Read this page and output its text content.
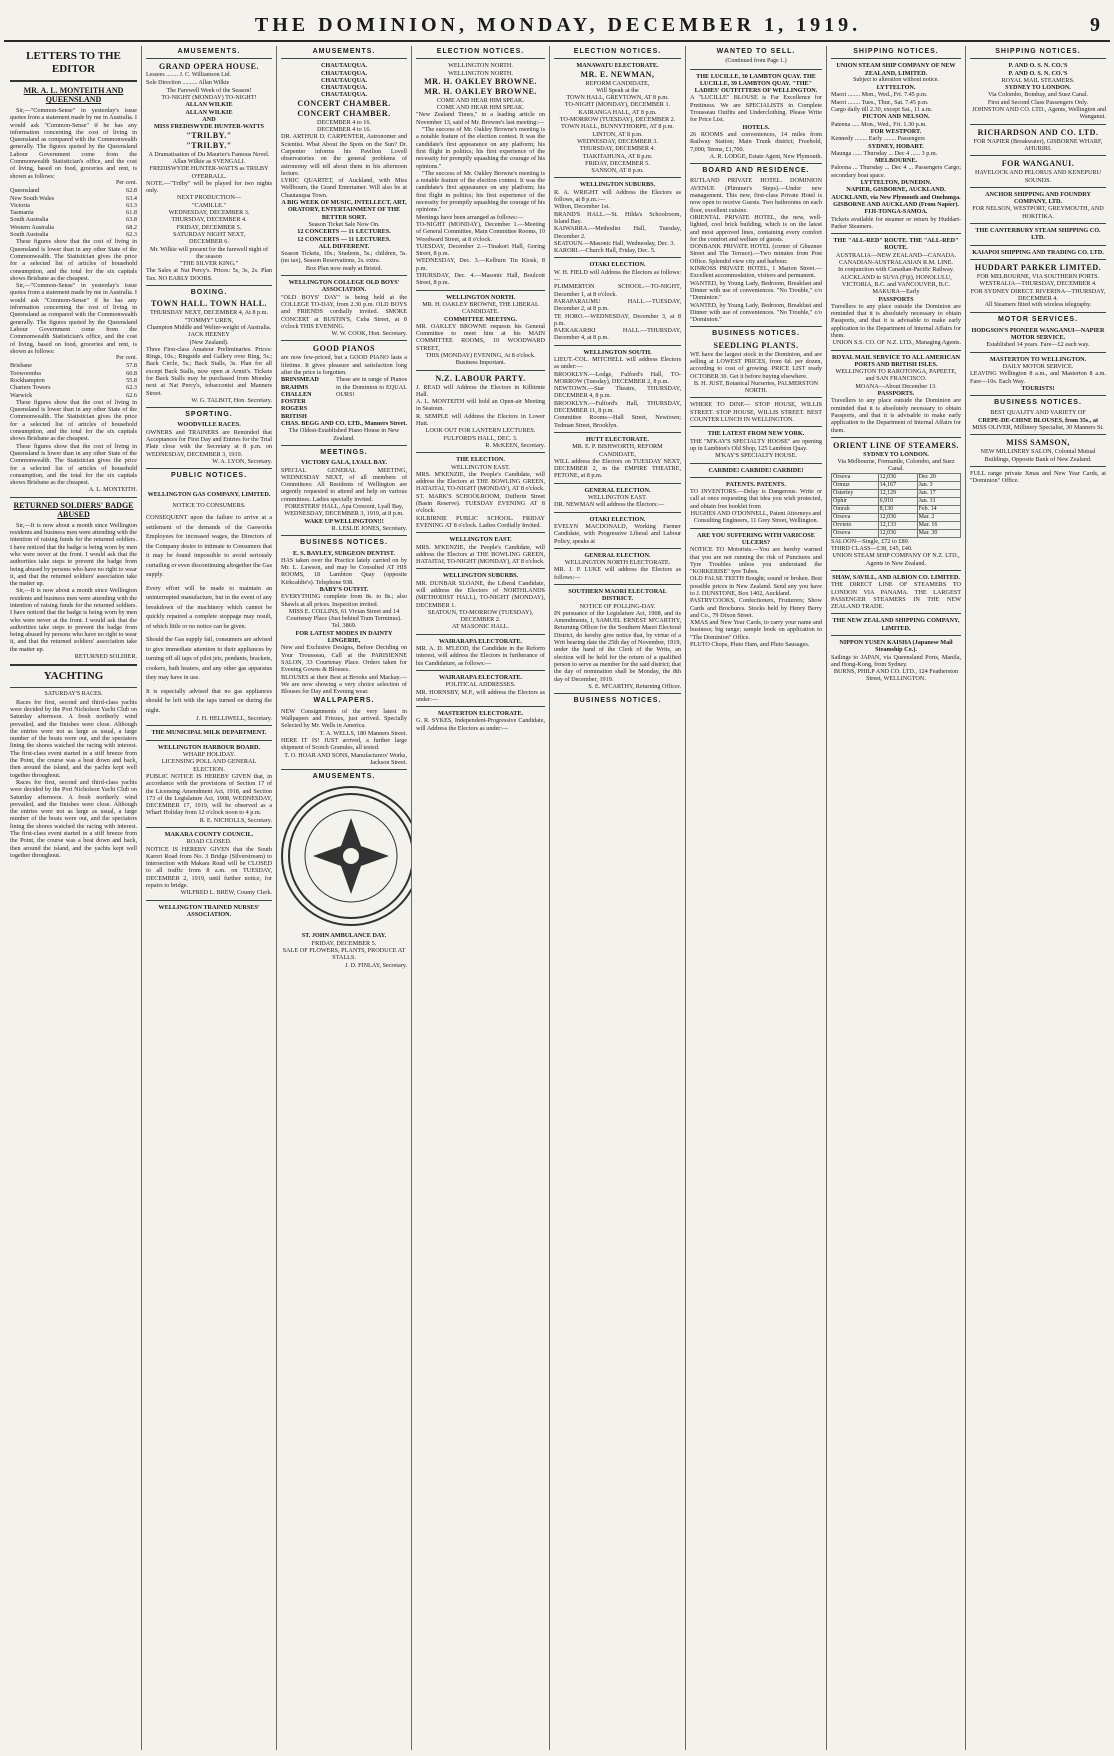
THE DOMINION, MONDAY, DECEMBER 1, 1919.	9
LETTERS TO THE EDITOR
MR. A. L. MONTEITH AND QUEENSLAND

Sir,—"Common-Sense" in yesterday's issue quotes from a statement made by me in Australia. I would ask "Common-Sense" if he has any information concerning the cost of living in Queensland as compared with the Commonwealth generally. The figures quoted by the Queensland Labour Government come from the Commonwealth Statistician's office, and the cost of living, based on food, groceries and rent, is shown as follows:

Per cent.
Queensland	62.8
New South Wales	63.4
Victoria	63.3
Tasmania	61.8
South Australia	63.8
Western Australia	68.2
South Australia	62.3

These figures show that the cost of living in Queensland is lower than in any other State of the Commonwealth. The Statistician gives the price for a selected list of articles of household consumption, and the total for the six capitals shows Brisbane as the cheapest.

Sir,—"Common-Sense" in yesterday's issue quotes from a statement made by me in Australia. I would ask "Common-Sense" if he has any information concerning the cost of living in Queensland as compared with the Commonwealth generally. The figures quoted by the Queensland Labour Government come from the Commonwealth Statistician's office, and the cost of living, based on food, groceries and rent, is shown as follows:

Per cent.
Brisbane	57.8
Toowoomba	60.8
Rockhampton	55.8
Charters Towers	62.3
Warwick	62.6

These figures show that the cost of living in Queensland is lower than in any other State of the Commonwealth. The Statistician gives the price for a selected list of articles of household consumption, and the total for the six capitals shows Brisbane as the cheapest.

These figures show that the cost of living in Queensland is lower than in any other State of the Commonwealth. The Statistician gives the price for a selected list of articles of household consumption, and the total for the six capitals shows Brisbane as the cheapest.

A. L. MONTEITH.
RETURNED SOLDIERS' BADGE ABUSED

Sir,—It is now about a month since Wellington residents and business men were attending with the intention of raising funds for the returned soldiers. I have noticed that the badge is being worn by men who were never at the front. I would ask that the authorities take steps to prevent the badge from being abused by persons who have no right to wear it, and that the returned soldiers' association take the matter up.

Sir,—It is now about a month since Wellington residents and business men were attending with the intention of raising funds for the returned soldiers. I have noticed that the badge is being worn by men who were never at the front. I would ask that the authorities take steps to prevent the badge from being abused by persons who have no right to wear it, and that the returned soldiers' association take the matter up.

RETURNED SOLDIER.
YACHTING
SATURDAY'S RACES.

Races for first, second and third-class yachts were decided by the Port Nicholson Yacht Club on Saturday afternoon. A fresh northerly wind prevailed, and the finishes were close. Although the entries were not as large as usual, a large number of the boats were out, and the spectators lining the shores watched the racing with interest. The first-class event started in a stiff breeze from the Point, the course was a beat down and back, then around the island, and the yachts kept well together throughout.

Races for first, second and third-class yachts were decided by the Port Nicholson Yacht Club on Saturday afternoon. A fresh northerly wind prevailed, and the finishes were close. Although the entries were not as large as usual, a large number of the boats were out, and the spectators lining the shores watched the racing with interest. The first-class event started in a stiff breeze from the Point, the course was a beat down and back, then around the island, and the yachts kept well together throughout.

AMUSEMENTS.
GRAND OPERA HOUSE.
Lessees ........ J. C. Williamson Ltd.
Sole Direction .......... Allan Wilkie
The Farewell Week of the Season!
TO-NIGHT (MONDAY) TO-NIGHT!
ALLAN WILKIE
ALLAN WILKIE
AND
MISS FREDISWYDE HUNTER-WATTS
"TRILBY."
"TRILBY."
A Dramatisation of Du Maurier's Famous Novel.
Allan Wilkie as SVENGALI.
FREDISWYDE HUNTER-WATTS as TRILBY O'FERRALL.
NOTE.—"Trilby" will be played for two nights only.
NEXT PRODUCTION—
"CAMILLE."
WEDNESDAY, DECEMBER 3.
THURSDAY, DECEMBER 4.
FRIDAY, DECEMBER 5.
SATURDAY NIGHT NEXT,
DECEMBER 6.
Mr. Wilkie will present for the farewell night of the season
"THE SILVER KING."
The Sales at Nat Percy's. Prices: 5s, 3s, 2s. Plan Tax. NO EARLY DOORS.
BOXING.
TOWN HALL. TOWN HALL.
THURSDAY NEXT, DECEMBER 4, At 8 p.m.
"TOMMY" UREN,
Champion Middle and Welter-weight of Australia.
JACK HEENEY
(New Zealand).

Three First-class Amateur Preliminaries. Prices: Rings, 10s.; Ringside and Gallery over Ring, 5s.; Back Circle, 5s.; Back Stalls, 3s. Plan for all except Back Stalls, now open at Armit's. Tickets for Back Stalls may be purchased from Monday next at Nat Percy's, tobacconist and Manners Street.

W. G. TALBOT, Hon. Secretary.
SPORTING.
WOODVILLE RACES.

OWNERS and TRAINERS are Reminded that Acceptances for First Day and Entries for the Trial Plate close with the Secretary at 8 p.m. on WEDNESDAY, DECEMBER 3, 1919.

W. A. LYON, Secretary.
PUBLIC NOTICES.
WELLINGTON GAS COMPANY, LIMITED.
NOTICE TO CONSUMERS.

CONSEQUENT upon the failure to arrive at a settlement of the demands of the Gasworks Employees for increased wages, the Directors of the Company desire to intimate to Consumers that it may be found impossible to avoid seriously curtailing or even discontinuing altogether the Gas supply.

Every effort will be made to maintain an uninterrupted manufacture, but in the event of any breakdown of the machinery which cannot be quickly repaired a complete stoppage may result, of which little or no notice can be given.

Should the Gas supply fail, consumers are advised to give immediate attention to their appliances by turning off all taps of pilot jets, pendants, brackets, cookers, bath heaters, and any other gas apparatus they may have in use.

It is especially advised that no gas appliances should be left with the taps turned on during the night.

J. H. HELLIWELL, Secretary.
THE MUNICIPAL MILK DEPARTMENT.
WELLINGTON HARBOUR BOARD.
WHARF HOLIDAY.
LICENSING POLL AND GENERAL ELECTION.

PUBLIC NOTICE IS HEREBY GIVEN that, in accordance with the provisions of Section 17 of the Licensing Amendment Act, 1918, and Section 173 of the Legislature Act, 1908, WEDNESDAY, DECEMBER 17, 1919, will be observed as a Wharf Holiday from 12 o'clock noon to 4 p.m.

R. E. NICHOLLS, Secretary.
MAKARA COUNTY COUNCIL.
ROAD CLOSED.

NOTICE IS HEREBY GIVEN that the South Karori Road from No. 3 Bridge (Silverstream) to intersection with Makara Road will be CLOSED to all traffic from 8 a.m. on TUESDAY, DECEMBER 2, 1919, until further notice, for repairs to bridge.

WILFRED L. BREW, County Clerk.
WELLINGTON TRAINED NURSES' ASSOCIATION.
AMUSEMENTS.
CHAUTAUQUA.
CHAUTAUQUA.
CHAUTAUQUA.
CHAUTAUQUA.
CHAUTAUQUA.
CONCERT CHAMBER.
CONCERT CHAMBER.
DECEMBER 4 to 16.
DECEMBER 4 to 16.

DR. ARTHUR D. CARPENTER, Astronomer and Scientist. What About the Spots on the Sun? Dr. Carpenter informs his Pavilion Lovell observatories on the general problems of astronomy will tell about them in his afternoon lecture.

LYRIC QUARTET, of Auckland, with Miss Wellbourn, the Grand Entertainer. Will also be at Chautauqua Town.

A BIG WEEK OF MUSIC, INTELLECT, ART, ORATORY, ENTERTAINMENT OF THE BETTER SORT.
Season Ticket Sale Now On.
12 CONCERTS — 11 LECTURES.
12 CONCERTS — 11 LECTURES.
ALL DIFFERENT.

Season Tickets, 10s.; Students, 5s.; children, 5s. (no tax), Season Reservations, 2s. extra.

Box Plan now ready at Bristol.
WELLINGTON COLLEGE OLD BOYS' ASSOCIATION.

"OLD BOYS' DAY" is being held at the COLLEGE TO-DAY, from 2.30 p.m. OLD BOYS and FRIENDS cordially invited. SMOKE CONCERT at BUSTIN'S, Cuba Street, at 8 o'clock THIS EVENING.

W. W. COOK, Hon. Secretary.
GOOD PIANOS

are now few-priced, but a GOOD PIANO lasts a lifetime. It gives pleasure and satisfaction long after the price is forgotten.

BRINSMEAD
BRAHMS
CHALLEN
FOSTER
ROGERS
BRITISH
These are in range of Pianos in the Dominion to EQUAL OURS!
CHAS. BEGG AND CO. LTD., Manners Street.
The Oldest-Established Piano House in New Zealand.
MEETINGS.
VICTORY GALA, LYALL BAY.

SPECIAL GENERAL MEETING, WEDNESDAY NEXT, of all members of Committees: All Residents of Wellington are urgently requested to attend and help on various committees. Ladies specially invited.

FORESTERS' HALL, Apa Crescent, Lyall Bay, WEDNESDAY, DECEMBER 3, 1919, at 8 p.m.
WAKE UP WELLINGTON!!!
R. LESLIE JONES, Secretary.
BUSINESS NOTICES.
E. S. BAYLEY, SURGEON DENTIST.

HAS taken over the Practice lately carried on by Mr. L. Lawson, and may be Consulted AT HIS ROOMS, 18 Lambton Quay (opposite Kirkcaldie's). Telephone 938.

BABY'S OUTFIT.

EVERYTHING complete from 8s. to 8s.; also Shawls at all prices. Inspection invited.

MISS E. COLLINS, 61 Vivian Street and 14 Courtenay Place (Just behind Tram Terminus). Tel. 3869.
FOR LATEST MODES IN DAINTY LINGERIE,

New and Exclusive Designs, Before Deciding on Your Trousseau, Call at the PARISIENNE SALON, 33 Courtenay Place. Orders taken for Evening Gowns & Blouses.

BLOUSES at their Best at Brooks and Mackay.—We are now showing a very choice selection of Blouses for Day and Evening wear.

WALLPAPERS.

NEW Consignments of the very latest in Wallpapers and Friezes, just arrived. Specially Selected by Mr. Wells in America.

T. A. WELLS, 180 Manners Street.

HERE IT IS! JUST arrived, a further large shipment of Scotch Granules, all tested.

T. O. HOAR AND SONS, Manufacturers' Works, Jackson Street.
AMUSEMENTS.
ST. JOHN AMBULANCE DAY.
FRIDAY, DECEMBER 5.
SALE OF FLOWERS, PLANTS, PRODUCE AT STALLS.
J. D. FINLAY, Secretary.
ELECTION NOTICES.
WELLINGTON NORTH.
WELLINGTON NORTH.
MR. H. OAKLEY BROWNE.
MR. H. OAKLEY BROWNE.
COME AND HEAR HIM SPEAK.
COME AND HEAR HIM SPEAK.

"New Zealand Times," in a leading article on November 13, said of Mr. Browne's last meeting:—

"The success of Mr. Oakley Browne's meeting is a notable feature of the election contest. It was the candidate's first appearance on any platform; his first flight in politics; his first experience of the necessity for promptly squashing the courage of his opinions."

"The success of Mr. Oakley Browne's meeting is a notable feature of the election contest. It was the candidate's first appearance on any platform; his first flight in politics; his first experience of the necessity for promptly squashing the courage of his opinions."

Meetings have been arranged as follows:—

TO-NIGHT (MONDAY), December 1.—Meeting of General Committee, Main Committee Rooms, 10 Woodward Street, at 8 o'clock.
TUESDAY, December 2.—Tinakori Hall, Goring Street, 8 p.m.
WEDNESDAY, Dec. 3.—Kelburn Tin Kiosk, 8 p.m.
THURSDAY, Dec. 4.—Masonic Hall, Boulcott Street, 8 p.m.
WELLINGTON NORTH.
MR. H. OAKLEY BROWNE, THE LIBERAL CANDIDATE.
COMMITTEE MEETING.

MR. OAKLEY BROWNE requests his General Committee to meet him at his MAIN COMMITTEE ROOMS, 10 WOODWARD STREET,

THIS (MONDAY) EVENING, At 8 o'clock.
Business Important.
N.Z. LABOUR PARTY.
J. READ will Address the Electors in Kilbirnie Hall.
A. L. MONTEITH will hold an Open-air Meeting in Seatoun.
R. SEMPLE will Address the Electors in Lower Hutt.
LOOK OUT FOR LANTERN LECTURES. FULFORD'S HALL, DEC. 3.
R. McKEEN, Secretary.
THE ELECTION.
WELLINGTON EAST.

MRS. M'KENZIE, the People's Candidate, will address the Electors at THE BOWLING GREEN, HATAITAI, TO-NIGHT (MONDAY), AT 8 o'clock.

ST. MARK'S SCHOOLROOM, Dufferin Street (Basin Reserve). TUESDAY EVENING AT 8 o'clock.

KILBIRNIE PUBLIC SCHOOL. FRIDAY EVENING AT 8 o'clock. Ladies Cordially Invited.

WELLINGTON EAST.

MRS. M'KENZIE, the People's Candidate, will address the Electors at THE BOWLING GREEN, HATAITAI, TO-NIGHT (MONDAY), AT 8 o'clock.

WELLINGTON SUBURBS.

MR. DUNBAR SLOANE, the Liberal Candidate, will address the Electors of NORTHLANDS (METHODIST HALL), TO-NIGHT (MONDAY), DECEMBER 1.

SEATOUN, TO-MORROW (TUESDAY), DECEMBER 2.
AT MASONIC HALL.
WAIRARAPA ELECTORATE.

MR. A. D. M'LEOD, the Candidate in the Reform interest, will address the Electors in furtherance of his Candidature, as follows:—

WAIRARAPA ELECTORATE.
POLITICAL ADDRESSES.

MR. HORNSBY, M.P., will address the Electors as under:—

MASTERTON ELECTORATE.

G. R. SYKES, Independent-Progressive Candidate, will Address the Electors as under:—

ELECTION NOTICES.
MANAWATU ELECTORATE.
MR. E. NEWMAN,
REFORM CANDIDATE,
Will Speak at the
TOWN HALL, GREYTOWN, AT 8 p.m.
TO-NIGHT (MONDAY), DECEMBER 1.
KAIRANGA HALL, AT 8 p.m.
TO-MORROW (TUESDAY), DECEMBER 2.
TOWN HALL, BUNNYTHORPE, AT 8 p.m.
LINTON, AT 8 p.m.
WEDNESDAY, DECEMBER 3.
THURSDAY, DECEMBER 4.
TIAKITAHUNA, AT 8 p.m.
FRIDAY, DECEMBER 5.
SANSON, AT 8 p.m.
WELLINGTON SUBURBS.

R. A. WRIGHT will Address the Electors as follows, at 8 p.m.:—

Wilton, December 1st.
BRAND'S HALL.—St. Hilda's Schoolroom, Island Bay.
KAIWARRA.—Methodist Hall, Tuesday, December 2.
SEATOUN.—Masonic Hall, Wednesday, Dec. 3.
KARORI.—Church Hall, Friday, Dec. 5.
OTAKI ELECTION.

W. H. FIELD will Address the Electors as follows:—

PLIMMERTON SCHOOL.—TO-NIGHT, December 1, at 8 o'clock.
PARAPARAUMU HALL.—TUESDAY, December 2, at 8 p.m.
TE HORO.—WEDNESDAY, December 3, at 8 p.m.
PAEKAKARIKI HALL.—THURSDAY, December 4, at 8 p.m.
WELLINGTON SOUTH.

LIEUT.-COL. MITCHELL will address Electors as under:—

BROOKLYN.—Lodge, Fulford's Hall, TO-MORROW (Tuesday), DECEMBER 2, 8 p.m.
NEWTOWN.—Star Theatre, THURSDAY, DECEMBER 4, 8 p.m.
BROOKLYN.—Fulford's Hall, THURSDAY, DECEMBER 11, 8 p.m.

Committee Rooms—Hall Street, Newtown; Tedman Street, Brooklyn.

HUTT ELECTORATE.
MR. E. P. BISHWORTH, REFORM CANDIDATE,

WILL address the Electors on TUESDAY NEXT, DECEMBER 2, in the EMPIRE THEATRE, PETONE, at 8 p.m.

GENERAL ELECTION.
WELLINGTON EAST.

DR. NEWMAN will address the Electors:—

OTAKI ELECTION.

EVELYN MACDONALD, Working Farmer Candidate, with Progressive Liberal and Labour Policy, speaks at

GENERAL ELECTION.
WELLINGTON NORTH ELECTORATE.

MR. J. P. LUKE will address the Electors as follows:—

SOUTHERN MAORI ELECTORAL DISTRICT.
NOTICE OF POLLING-DAY.

IN pursuance of the Legislature Act, 1908, and its Amendments, I, SAMUEL ERNEST M'CARTHY, Returning Officer for the Southern Maori Electoral District, do hereby give notice that, by virtue of a Writ bearing date the 25th day of November, 1919, under the hand of the Clerk of the Writs, an election will be held for the return of a qualified person to serve as member for the said district; that the day of nomination shall be Monday, the 8th day of December, 1919.

S. E. M'CARTHY, Returning Officer.
BUSINESS NOTICES.
WANTED TO SELL.
(Continued from Page 1.)
THE LUCILLE, 30 LAMBTON QUAY. THE LUCILLE, 39 LAMBTON QUAY. "THE" LADIES' OUTFITTERS OF WELLINGTON.

A "LUCILLE" BLOUSE is Far Excellence for Prettiness. We are SPECIALISTS in Complete Trousseau Outfits and Underclothing. Please Write for Price List.

HOTELS.

26 ROOMS and conveniences, 14 miles from Railway Station; Main Trunk district; Freehold, 7,000; Terms, £1,700.

A. R. LODGE, Estate Agent, New Plymouth.
BOARD AND RESIDENCE.

RUTLAND PRIVATE HOTEL. DOMINION AVENUE (Plimmer's Steps).—Under new management. This new, first-class Private Hotel is now open to receive Guests. Two bathrooms on each floor, excellent cuisine.

ORIENTAL PRIVATE HOTEL, the new, well-lighted, cool brick building, which is on the latest and most approved lines, containing every comfort for the comfort and welfare of guests.

DONBANK PRIVATE HOTEL (corner of Ghuznee Street and The Terrace).—Two minutes from Post Office. Splendid view city and harbour.

KINROSS PRIVATE HOTEL, 1 Marion Street.—Excellent accommodation, visitors and permanent.

WANTED, by Young Lady, Bedroom, Breakfast and Dinner with use of conveniences. "No Trouble," c/o "Dominion."

WANTED, by Young Lady, Bedroom, Breakfast and Dinner with use of conveniences. "No Trouble," c/o "Dominion."

BUSINESS NOTICES.
SEEDLING PLANTS.

WE have the largest stock in the Dominion, and are selling at LOWEST PRICES, from 6d. per dozen, according to cost of growing. PRICE LIST ready OCTOBER 30. Get it before buying elsewhere.

B. H. JUST, Botanical Nurseries, PALMERSTON NORTH.

WHERE TO DINE— STOP HOUSE, WILLIS STREET. STOP HOUSE, WILLIS STREET. BEST COUNTER LUNCH IN WELLINGTON.

THE LATEST FROM NEW YORK.

THE "M'KAY'S SPECIALTY HOOSE" are opening up in Lambton's Old Shop, 125 Lambton Quay.

M'KAY'S SPECIALTY HOUSE.
CARBIDE! CARBIDE! CARBIDE!
PATENTS. PATENTS.

TO INVENTORS.—Delay is Dangerous. Write or call at once requesting that idea you wish protected, and obtain free booklet from

HUGHES AND O'DONNELL, Patent Attorneys and Consulting Engineers, 11 Grey Street, Wellington.
ARE YOU SUFFERING WITH VARICOSE ULCERS?

NOTICE TO Motorists.—You are hereby warned that you are not running the risk of Punctures and Tyre Troubles unless you understand the "KORKERISE" tyre Tubes.

OLD FALSE TEETH Bought; sound or broken. Best possible prices in New Zealand. Send any you have to J. DUNSTONE, Box 1402, Auckland.

PASTRYCOOKS, Confectioners, Fruiterers; Show Cards and Brochures. Stocks held by Henry Berry and Co., 79 Dixon Street.

XMAS and New Year Cards, to carry your name and business; big range; sample book on application to "The Dominion" Office.

PLUTO Chops, Pluto Ham, and Pluto Sausages.

SHIPPING NOTICES.
UNION STEAM SHIP COMPANY OF NEW ZEALAND, LIMITED.
Subject to alteration without notice.
LYTTELTON.
Maori ........ Mon., Wed., Fri. 7.45 p.m.
Maori ........ Tues., Thur., Sat. 7.45 p.m.
Cargo daily till 2.30, except Sat., 11 a.m.
PICTON AND NELSON.
Pateena ..... Mon., Wed., Fri. 1.30 p.m.
FOR WESTPORT.
Kennedy ........ Early ........ Passengers
SYDNEY, HOBART.
Maunga ...... Thursday ... Dec 4 ...... 3 p.m.
MELBOURNE.
Paloona ... Thursday ... Dec 4 ... Passengers Cargo; secondary boat space.
LYTTELTON, DUNEDIN.
NAPIER, GISBORNE, AUCKLAND.
AUCKLAND, via New Plymouth and Onehunga.
GISBORNE AND AUCKLAND (From Napier).
FIJI-TONGA-SAMOA.

Tickets available for steamer or return by Huddart-Parker Steamers.

THE "ALL-RED" ROUTE. THE "ALL-RED" ROUTE.
AUSTRALIA—NEW ZEALAND—CANADA. CANADIAN-AUSTRALASIAN R.M. LINE.
In conjunction with Canadian-Pacific Railway.
AUCKLAND to SUVA (Fiji), HONOLULU, VICTORIA, B.C. and VANCOUVER, B.C.
MAKURA—Early
PASSPORTS

Travellers to any place outside the Dominion are reminded that it is absolutely necessary to obtain Passports, and that it is advisable to make early application to the Department of Internal Affairs for them.

UNION S.S. CO. OF N.Z. LTD., Managing Agents.
ROYAL MAIL SERVICE TO ALL AMERICAN PORTS AND BRITISH ISLES.
WELLINGTON TO RAROTONGA, PAPEETE, and SAN FRANCISCO.
MOANA—About December 13.
PASSPORTS.

Travellers to any place outside the Dominion are reminded that it is absolutely necessary to obtain Passports, and that it is advisable to make early application to the Department of Internal Affairs for them.

ORIENT LINE OF STEAMERS.
SYDNEY TO LONDON.
Via Melbourne, Fremantle, Colombo, and Suez Canal.
Orsova	12,036	Dec 20
Ormuz	14,167	Jan. 3
Osterley	12,129	Jan. 17
Ophir	6,910	Jan. 31
Omrah	8,130	Feb. 14
Orsova	12,036	Mar. 2
Orvieto	12,133	Mar. 16
Orsova	12,036	Mar. 30
SALOON—Single, £72 to £80.
THIRD CLASS—£38, £45, £40.
UNION STEAM SHIP COMPANY OF N.Z. LTD., Agents in New Zealand.
SHAW, SAVILL, AND ALBION CO. LIMITED.

THE DIRECT LINE OF STEAMERS TO LONDON VIA PANAMA. THE LARGEST PASSENGER STEAMERS IN THE NEW ZEALAND TRADE.

THE NEW ZEALAND SHIPPING COMPANY, LIMITED.
NIPPON YUSEN KAISHA (Japanese Mail Steamship Co.).

Sailings to JAPAN, via Queensland Ports, Manila, and Hong-Kong, from Sydney.

BURNS, PHILP AND CO. LTD., 124 Featherston Street, WELLINGTON.
SHIPPING NOTICES.
P. AND O. S. N. CO.'S
P. AND O. S. N. CO.'S
ROYAL MAIL STEAMERS.
SYDNEY TO LONDON.
Via Colombo, Bombay, and Suez Canal.
First and Second Class Passengers Only.
JOHNSTON AND CO. LTD., Agents, Wellington and Wanganui.
RICHARDSON AND CO. LTD.
FOR NAPIER (Breakwater), GISBORNE WHARF, AHURIRI.
FOR WANGANUI.
HAVELOCK AND PELORUS AND KENEPURU SOUNDS.
ANCHOR SHIPPING AND FOUNDRY COMPANY, LTD.
FOR NELSON, WESTPORT, GREYMOUTH, AND HOKITIKA.
THE CANTERBURY STEAM SHIPPING CO. LTD.
KAIAPOI SHIPPING AND TRADING CO. LTD.
HUDDART PARKER LIMITED.
FOR MELBOURNE, VIA SOUTHERN PORTS.
WESTRALIA—THURSDAY, DECEMBER 4.
FOR SYDNEY DIRECT. RIVERINA—THURSDAY, DECEMBER 4.
All Steamers fitted with wireless telegraphy.
MOTOR SERVICES.
HODGSON'S PIONEER WANGANUI—NAPIER MOTOR SERVICE.
Established 14 years. Fare—£2 each way.
MASTERTON TO WELLINGTON.
DAILY MOTOR SERVICE.

LEAVING Wellington 8 a.m., and Masterton 8 a.m. Fare—10s. Each Way.

TOURISTS!
BUSINESS NOTICES.
BEST QUALITY AND VARIETY OF
CREPE-DE-CHINE BLOUSES, from 35s., at
MISS OLIVER, Millinery Specialist, 30 Manners St.
MISS SAMSON,
NEW MILLINERY SALON, Colonial Mutual Buildings, Opposite Bank of New Zealand.

FULL range private Xmas and New Year Cards, at "Dominion" Office.
